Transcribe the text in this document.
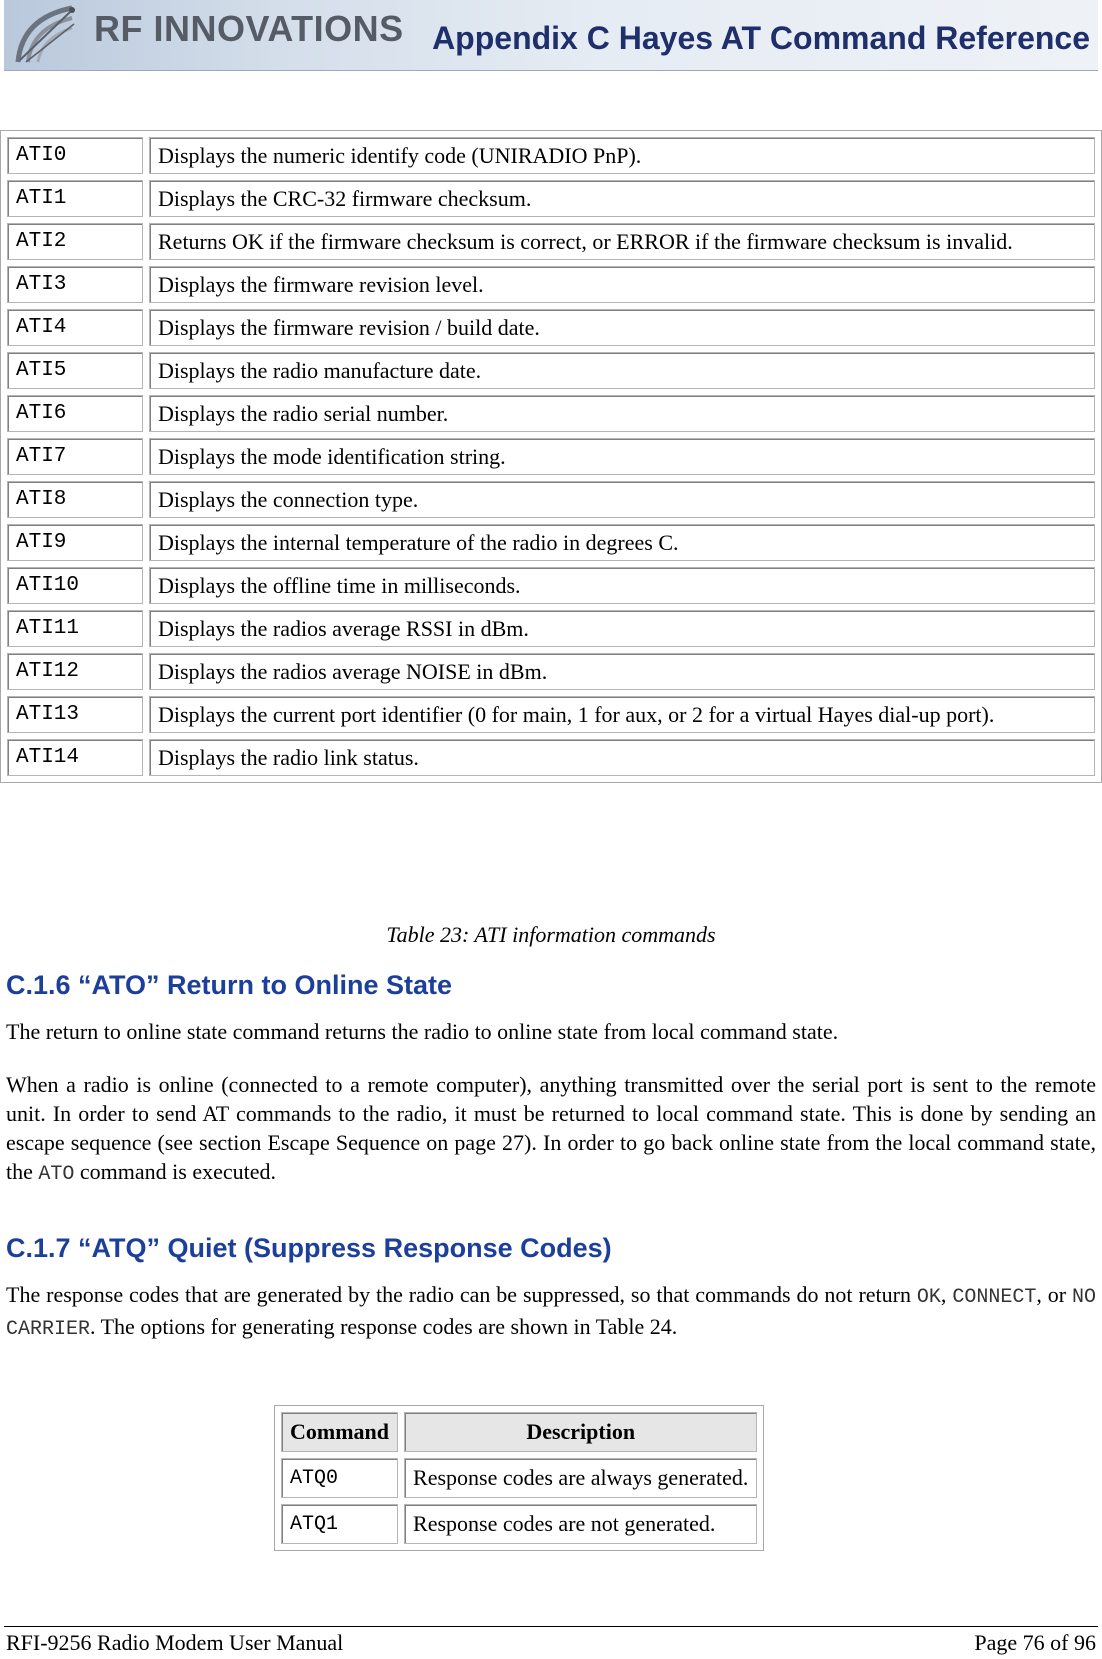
RF INNOVATIONS Appendix C Hayes AT Command Reference
ATI0	Displays the numeric identify code (UNIRADIO PnP).
ATI1	Displays the CRC-32 firmware checksum.
ATI2	Returns OK if the firmware checksum is correct, or ERROR if the firmware checksum is invalid.
ATI3	Displays the firmware revision level.
ATI4	Displays the firmware revision / build date.
ATI5	Displays the radio manufacture date.
ATI6	Displays the radio serial number.
ATI7	Displays the mode identification string.
ATI8	Displays the connection type.
ATI9	Displays the internal temperature of the radio in degrees C.
ATI10	Displays the offline time in milliseconds.
ATI11	Displays the radios average RSSI in dBm.
ATI12	Displays the radios average NOISE in dBm.
ATI13	Displays the current port identifier (0 for main, 1 for aux, or 2 for a virtual Hayes dial-up port).
ATI14	Displays the radio link status.
Table 23: ATI information commands
C.1.6 “ATO” Return to Online State
The return to online state command returns the radio to online state from local command state.
When a radio is online (connected to a remote computer), anything transmitted over the serial port is sent to the remote unit. In order to send AT commands to the radio, it must be returned to local command state. This is done by sending an escape sequence (see section Escape Sequence on page 27). In order to go back online state from the local command state, the ATO command is executed.
C.1.7 “ATQ” Quiet (Suppress Response Codes)
The response codes that are generated by the radio can be suppressed, so that commands do not return OK, CONNECT, or NO CARRIER. The options for generating response codes are shown in Table 24.
Command	Description
ATQ0	Response codes are always generated.
ATQ1	Response codes are not generated.
RFI-9256 Radio Modem User Manual	Page 76 of 96
